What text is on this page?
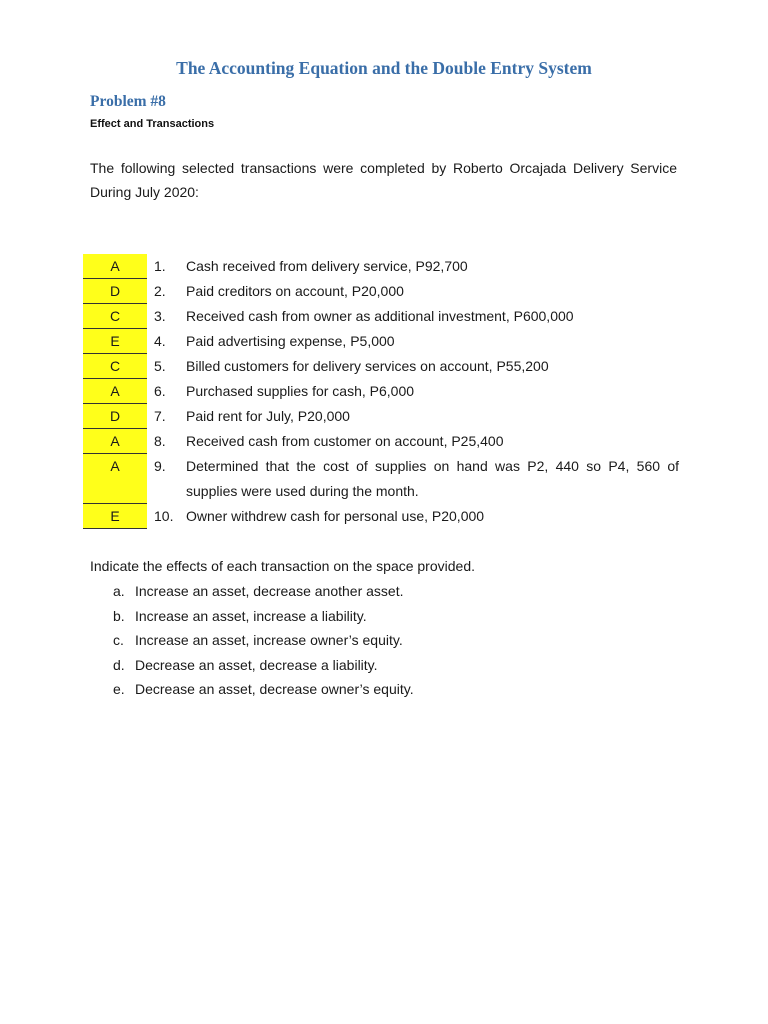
The Accounting Equation and the Double Entry System
Problem #8
Effect and Transactions

The following selected transactions were completed by Roberto Orcajada Delivery Service During July 2020:

A	1.	Cash received from delivery service, P92,700
D	2.	Paid creditors on account, P20,000
C	3.	Received cash from owner as additional investment, P600,000
E	4.	Paid advertising expense, P5,000
C	5.	Billed customers for delivery services on account, P55,200
A	6.	Purchased supplies for cash, P6,000
D	7.	Paid rent for July, P20,000
A	8.	Received cash from customer on account, P25,400
A	9.	Determined that the cost of supplies on hand was P2, 440 so P4, 560 of supplies were used during the month.
E	10. Owner withdrew cash for personal use, P20,000

Indicate the effects of each transaction on the space provided.

a. Increase an asset, decrease another asset.
b. Increase an asset, increase a liability.
c. Increase an asset, increase owner’s equity.
d. Decrease an asset, decrease a liability.
e. Decrease an asset, decrease owner’s equity.
